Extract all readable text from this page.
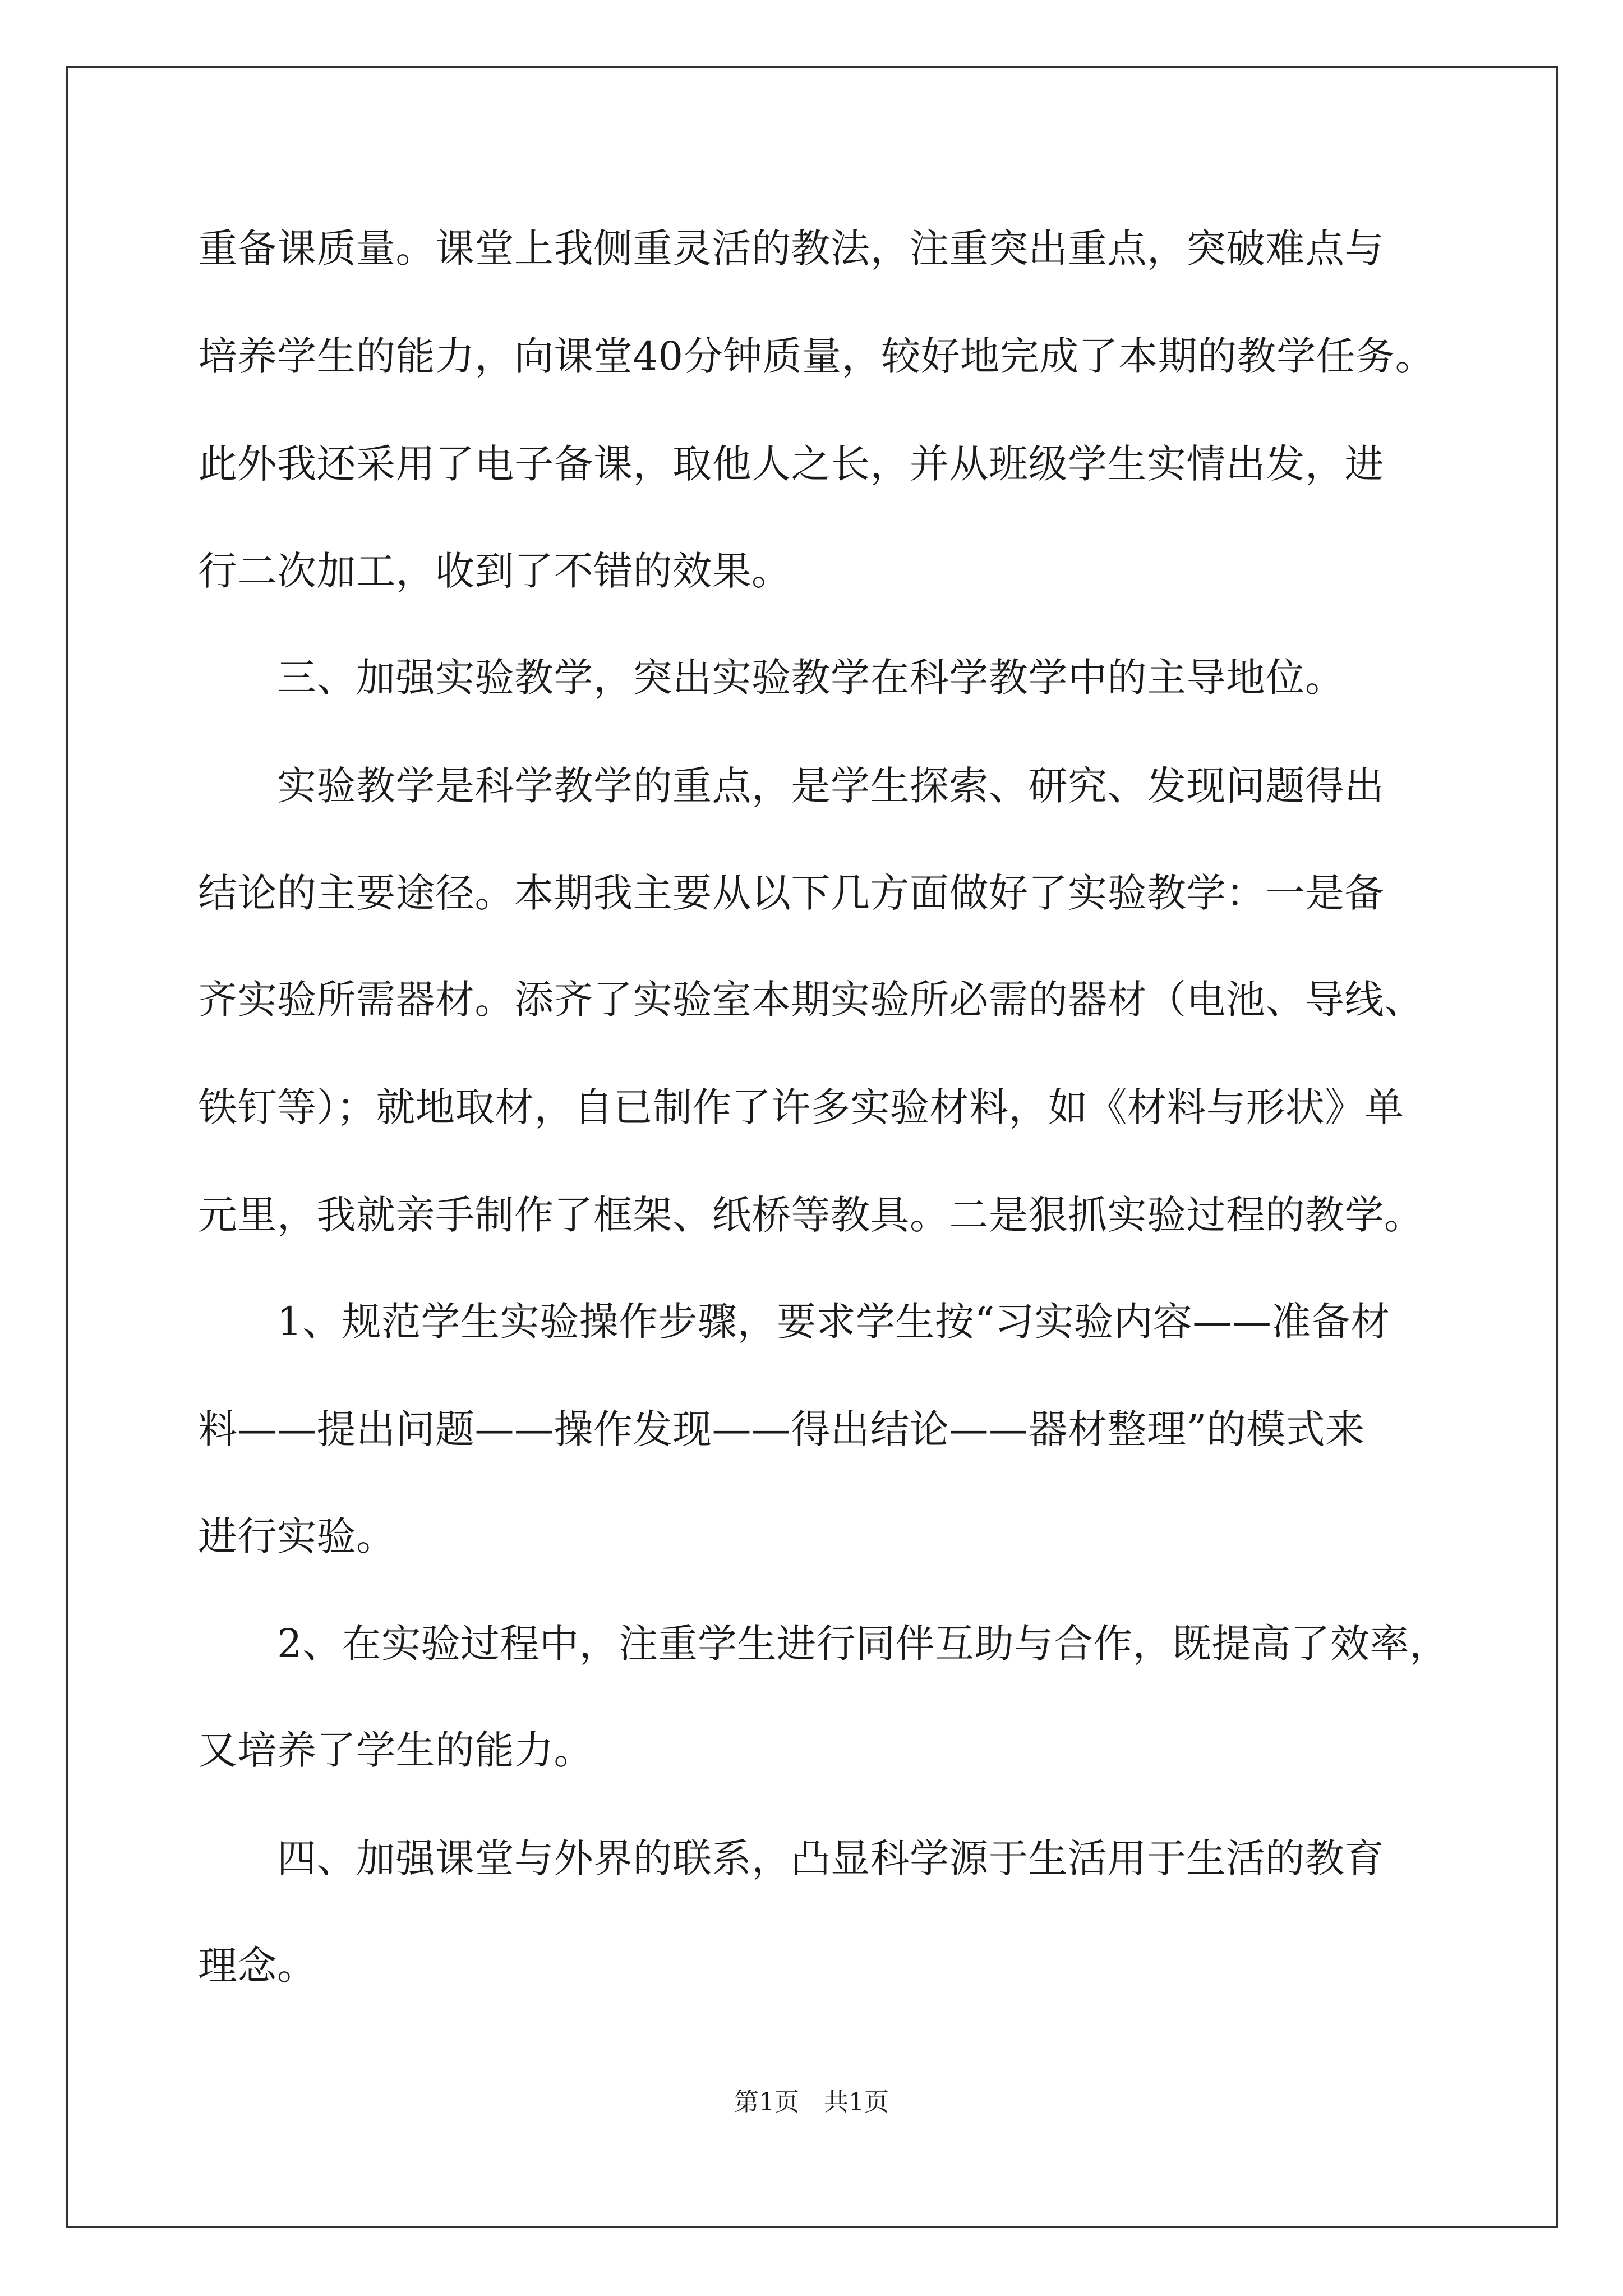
重备课质量。课堂上我侧重灵活的教法，注重突出重点，突破难点与
培养学生的能力，向课堂40分钟质量，较好地完成了本期的教学任务。
此外我还采用了电子备课，取他人之长，并从班级学生实情出发，进
行二次加工，收到了不错的效果。
　　三、加强实验教学，突出实验教学在科学教学中的主导地位。
　　实验教学是科学教学的重点，是学生探索、研究、发现问题得出
结论的主要途径。本期我主要从以下几方面做好了实验教学：一是备
齐实验所需器材。添齐了实验室本期实验所必需的器材（电池、导线、
铁钉等）；就地取材，自已制作了许多实验材料，如《材料与形状》单
元里，我就亲手制作了框架、纸桥等教具。二是狠抓实验过程的教学。
　　1、规范学生实验操作步骤，要求学生按“习实验内容——准备材
料——提出问题——操作发现——得出结论——器材整理”的模式来
进行实验。
　　2、在实验过程中，注重学生进行同伴互助与合作，既提高了效率，
又培养了学生的能力。
　　四、加强课堂与外界的联系，凸显科学源于生活用于生活的教育
理念。
第1页　共1页
